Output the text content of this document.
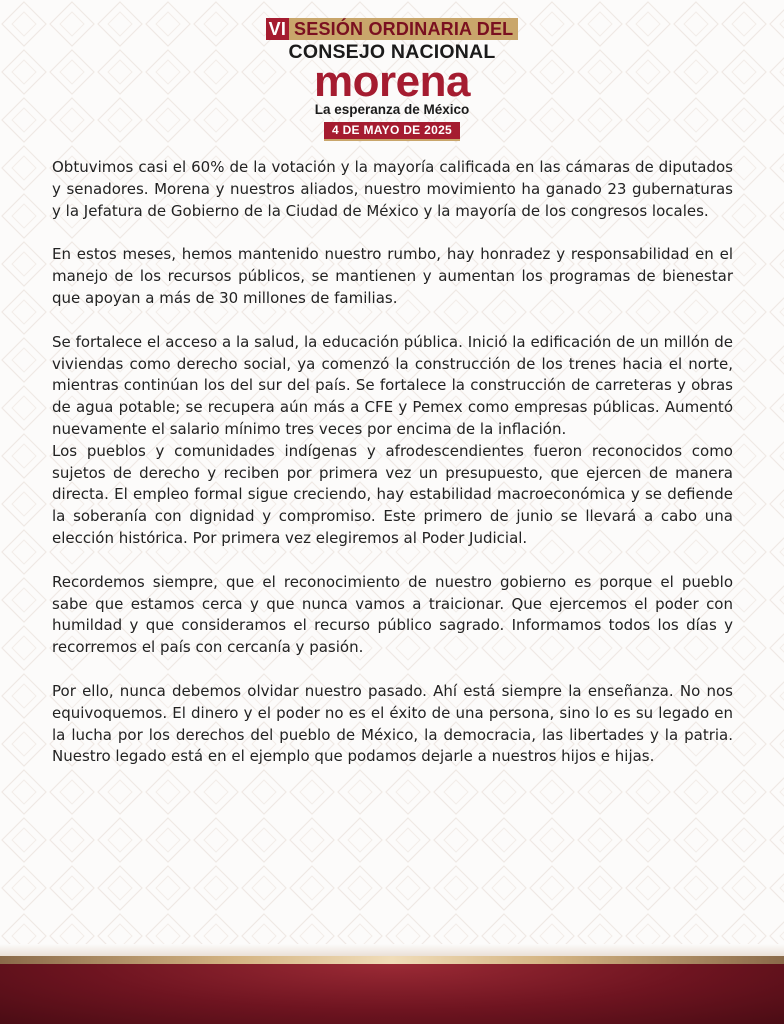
VI SESIÓN ORDINARIA DEL
CONSEJO NACIONAL
morena
La esperanza de México
4 DE MAYO DE 2025

Obtuvimos casi el 60% de la votación y la mayoría calificada en las cámaras de diputados y senadores. Morena y nuestros aliados, nuestro movimiento ha ganado 23 gubernaturas y la Jefatura de Gobierno de la Ciudad de México y la mayoría de los congresos locales.

En estos meses, hemos mantenido nuestro rumbo, hay honradez y responsabilidad en el manejo de los recursos públicos, se mantienen y aumentan los programas de bienestar que apoyan a más de 30 millones de familias.

Se fortalece el acceso a la salud, la educación pública. Inició la edificación de un millón de viviendas como derecho social, ya comenzó la construcción de los trenes hacia el norte, mientras continúan los del sur del país. Se fortalece la construcción de carreteras y obras de agua potable; se recupera aún más a CFE y Pemex como empresas públicas. Aumentó nuevamente el salario mínimo tres veces por encima de la inflación.

Los pueblos y comunidades indígenas y afrodescendientes fueron reconocidos como sujetos de derecho y reciben por primera vez un presupuesto, que ejercen de manera directa. El empleo formal sigue creciendo, hay estabilidad macroeconómica y se defiende la soberanía con dignidad y compromiso. Este primero de junio se llevará a cabo una elección histórica. Por primera vez elegiremos al Poder Judicial.

Recordemos siempre, que el reconocimiento de nuestro gobierno es porque el pueblo sabe que estamos cerca y que nunca vamos a traicionar. Que ejercemos el poder con humildad y que consideramos el recurso público sagrado. Informamos todos los días y recorremos el país con cercanía y pasión.

Por ello, nunca debemos olvidar nuestro pasado. Ahí está siempre la enseñanza. No nos equivoquemos. El dinero y el poder no es el éxito de una persona, sino lo es su legado en la lucha por los derechos del pueblo de México, la democracia, las libertades y la patria. Nuestro legado está en el ejemplo que podamos dejarle a nuestros hijos e hijas.
